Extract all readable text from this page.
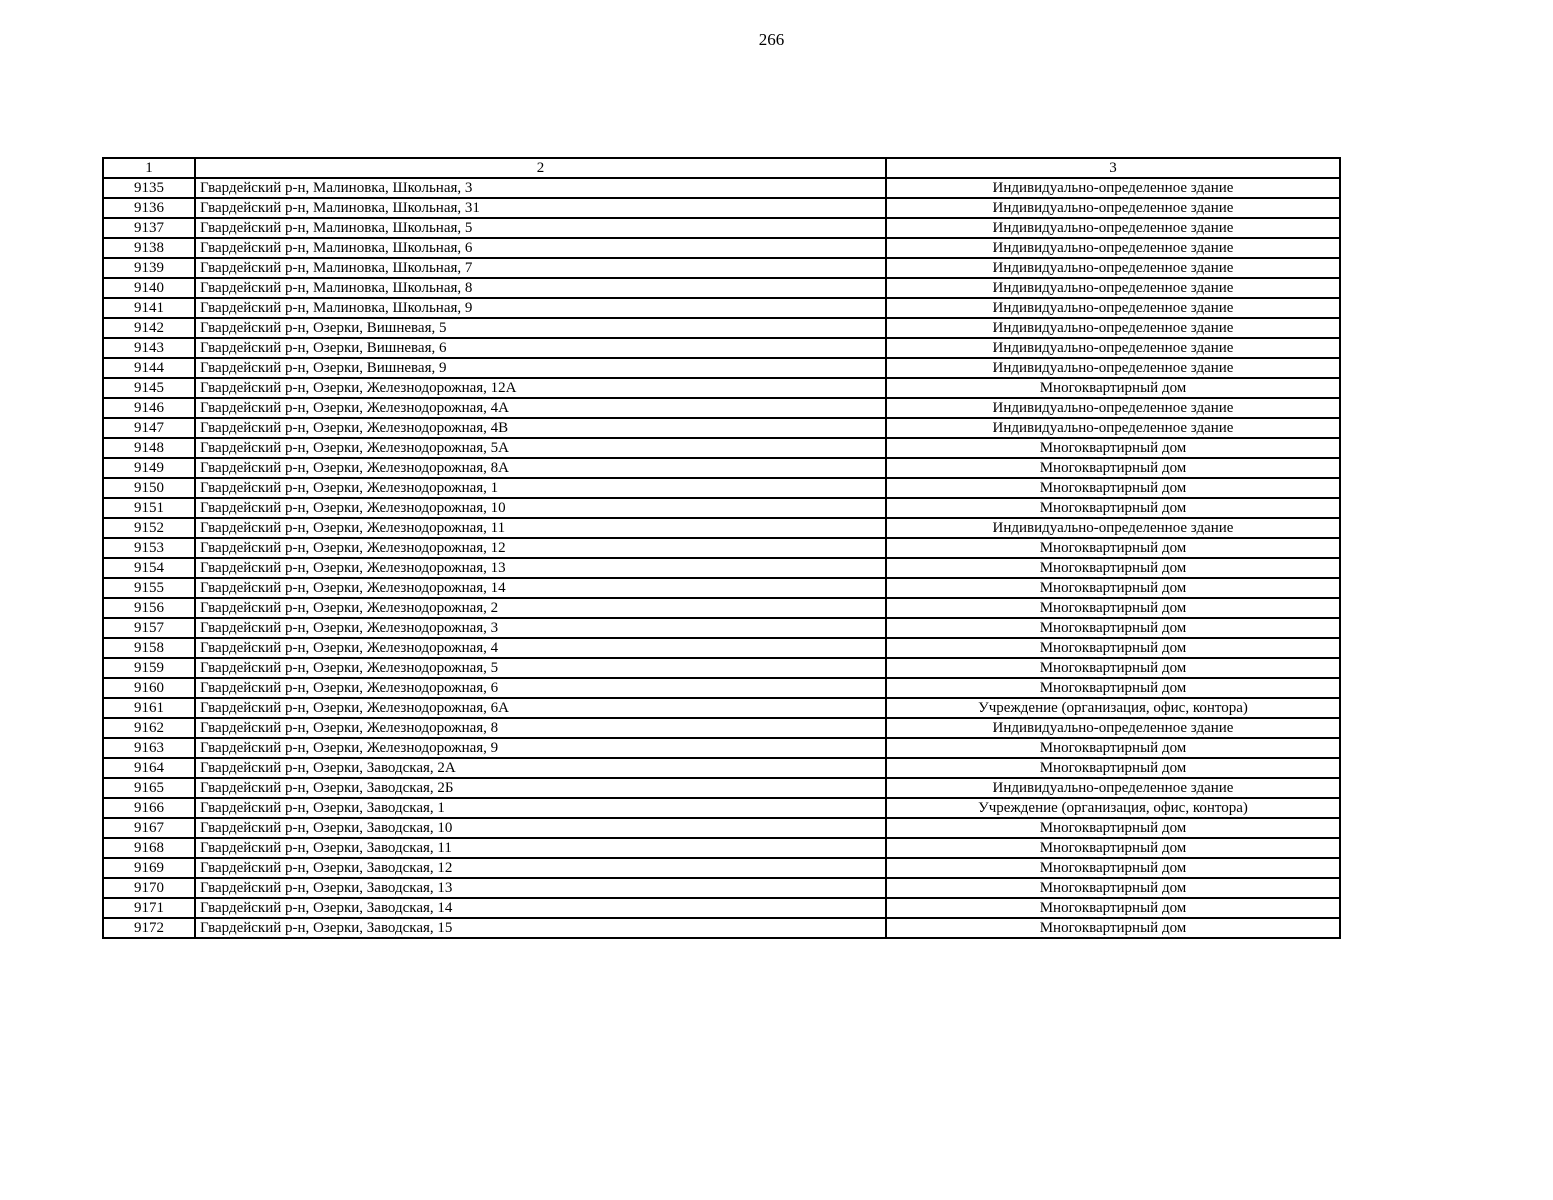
266
1	2	3
9135	Гвардейский р-н, Малиновка, Школьная, 3	Индивидуально-определенное здание
9136	Гвардейский р-н, Малиновка, Школьная, 31	Индивидуально-определенное здание
9137	Гвардейский р-н, Малиновка, Школьная, 5	Индивидуально-определенное здание
9138	Гвардейский р-н, Малиновка, Школьная, 6	Индивидуально-определенное здание
9139	Гвардейский р-н, Малиновка, Школьная, 7	Индивидуально-определенное здание
9140	Гвардейский р-н, Малиновка, Школьная, 8	Индивидуально-определенное здание
9141	Гвардейский р-н, Малиновка, Школьная, 9	Индивидуально-определенное здание
9142	Гвардейский р-н, Озерки, Вишневая, 5	Индивидуально-определенное здание
9143	Гвардейский р-н, Озерки, Вишневая, 6	Индивидуально-определенное здание
9144	Гвардейский р-н, Озерки, Вишневая, 9	Индивидуально-определенное здание
9145	Гвардейский р-н, Озерки, Железнодорожная, 12А	Многоквартирный дом
9146	Гвардейский р-н, Озерки, Железнодорожная, 4А	Индивидуально-определенное здание
9147	Гвардейский р-н, Озерки, Железнодорожная, 4В	Индивидуально-определенное здание
9148	Гвардейский р-н, Озерки, Железнодорожная, 5А	Многоквартирный дом
9149	Гвардейский р-н, Озерки, Железнодорожная, 8А	Многоквартирный дом
9150	Гвардейский р-н, Озерки, Железнодорожная, 1	Многоквартирный дом
9151	Гвардейский р-н, Озерки, Железнодорожная, 10	Многоквартирный дом
9152	Гвардейский р-н, Озерки, Железнодорожная, 11	Индивидуально-определенное здание
9153	Гвардейский р-н, Озерки, Железнодорожная, 12	Многоквартирный дом
9154	Гвардейский р-н, Озерки, Железнодорожная, 13	Многоквартирный дом
9155	Гвардейский р-н, Озерки, Железнодорожная, 14	Многоквартирный дом
9156	Гвардейский р-н, Озерки, Железнодорожная, 2	Многоквартирный дом
9157	Гвардейский р-н, Озерки, Железнодорожная, 3	Многоквартирный дом
9158	Гвардейский р-н, Озерки, Железнодорожная, 4	Многоквартирный дом
9159	Гвардейский р-н, Озерки, Железнодорожная, 5	Многоквартирный дом
9160	Гвардейский р-н, Озерки, Железнодорожная, 6	Многоквартирный дом
9161	Гвардейский р-н, Озерки, Железнодорожная, 6А	Учреждение (организация, офис, контора)
9162	Гвардейский р-н, Озерки, Железнодорожная, 8	Индивидуально-определенное здание
9163	Гвардейский р-н, Озерки, Железнодорожная, 9	Многоквартирный дом
9164	Гвардейский р-н, Озерки, Заводская, 2А	Многоквартирный дом
9165	Гвардейский р-н, Озерки, Заводская, 2Б	Индивидуально-определенное здание
9166	Гвардейский р-н, Озерки, Заводская, 1	Учреждение (организация, офис, контора)
9167	Гвардейский р-н, Озерки, Заводская, 10	Многоквартирный дом
9168	Гвардейский р-н, Озерки, Заводская, 11	Многоквартирный дом
9169	Гвардейский р-н, Озерки, Заводская, 12	Многоквартирный дом
9170	Гвардейский р-н, Озерки, Заводская, 13	Многоквартирный дом
9171	Гвардейский р-н, Озерки, Заводская, 14	Многоквартирный дом
9172	Гвардейский р-н, Озерки, Заводская, 15	Многоквартирный дом
